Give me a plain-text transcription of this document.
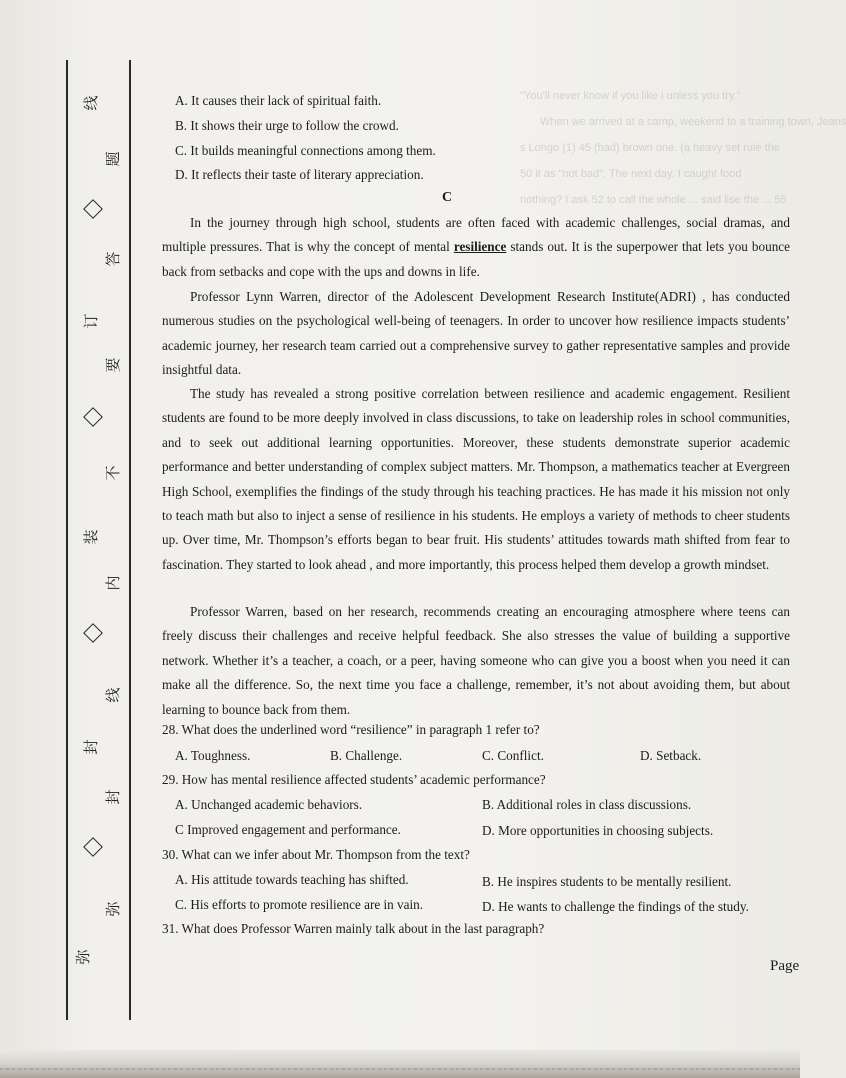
线
题
答
订
要
不
装
内
线
封
封
弥
弥
"You’ll never know if you like i unless you try."
When we arrived at a camp, weekend to a training town, Jeans
s Longo (1) 45 (bad) brown one. (a heavy set rule the
50 it as "not bad". The next day, I caught food
nothing? I ask 52 to call the whole ... said lise the ... 55
A. It causes their lack of spiritual faith.
B. It shows their urge to follow the crowd.
C. It builds meaningful connections among them.
D. It reflects their taste of literary appreciation.
C
In the journey through high school, students are often faced with academic challenges, social dramas, and multiple pressures. That is why the concept of mental resilience stands out. It is the superpower that lets you bounce back from setbacks and cope with the ups and downs in life.
Professor Lynn Warren, director of the Adolescent Development Research Institute(ADRI) , has conducted numerous studies on the psychological well-being of teenagers. In order to uncover how resilience impacts students’ academic journey, her research team carried out a comprehensive survey to gather representative samples and provide insightful data.
The study has revealed a strong positive correlation between resilience and academic engagement. Resilient students are found to be more deeply involved in class discussions, to take on leadership roles in school communities, and to seek out additional learning opportunities. Moreover, these students demonstrate superior academic performance and better understanding of complex subject matters. Mr. Thompson, a mathematics teacher at Evergreen High School, exemplifies the findings of the study through his teaching practices. He has made it his mission not only to teach math but also to inject a sense of resilience in his students. He employs a variety of methods to cheer students up. Over time, Mr. Thompson’s efforts began to bear fruit. His students’ attitudes towards math shifted from fear to fascination. They started to look ahead , and more importantly, this process helped them develop a growth mindset.
Professor Warren, based on her research, recommends creating an encouraging atmosphere where teens can freely discuss their challenges and receive helpful feedback. She also stresses the value of building a supportive network. Whether it’s a teacher, a coach, or a peer, having someone who can give you a boost when you need it can make all the difference. So, the next time you face a challenge, remember, it’s not about avoiding them, but about learning to bounce back from them.
28. What does the underlined word “resilience” in paragraph 1 refer to?
A. Toughness.	B. Challenge.	C. Conflict.	D. Setback.
29. How has mental resilience affected students’ academic performance?
A. Unchanged academic behaviors.	B. Additional roles in class discussions.
C Improved engagement and performance.	D. More opportunities in choosing subjects.
30. What can we infer about Mr. Thompson from the text?
A. His attitude towards teaching has shifted.	B. He inspires students to be mentally resilient.
C. His efforts to promote resilience are in vain.	D. He wants to challenge the findings of the study.
31. What does Professor Warren mainly talk about in the last paragraph?
Page
